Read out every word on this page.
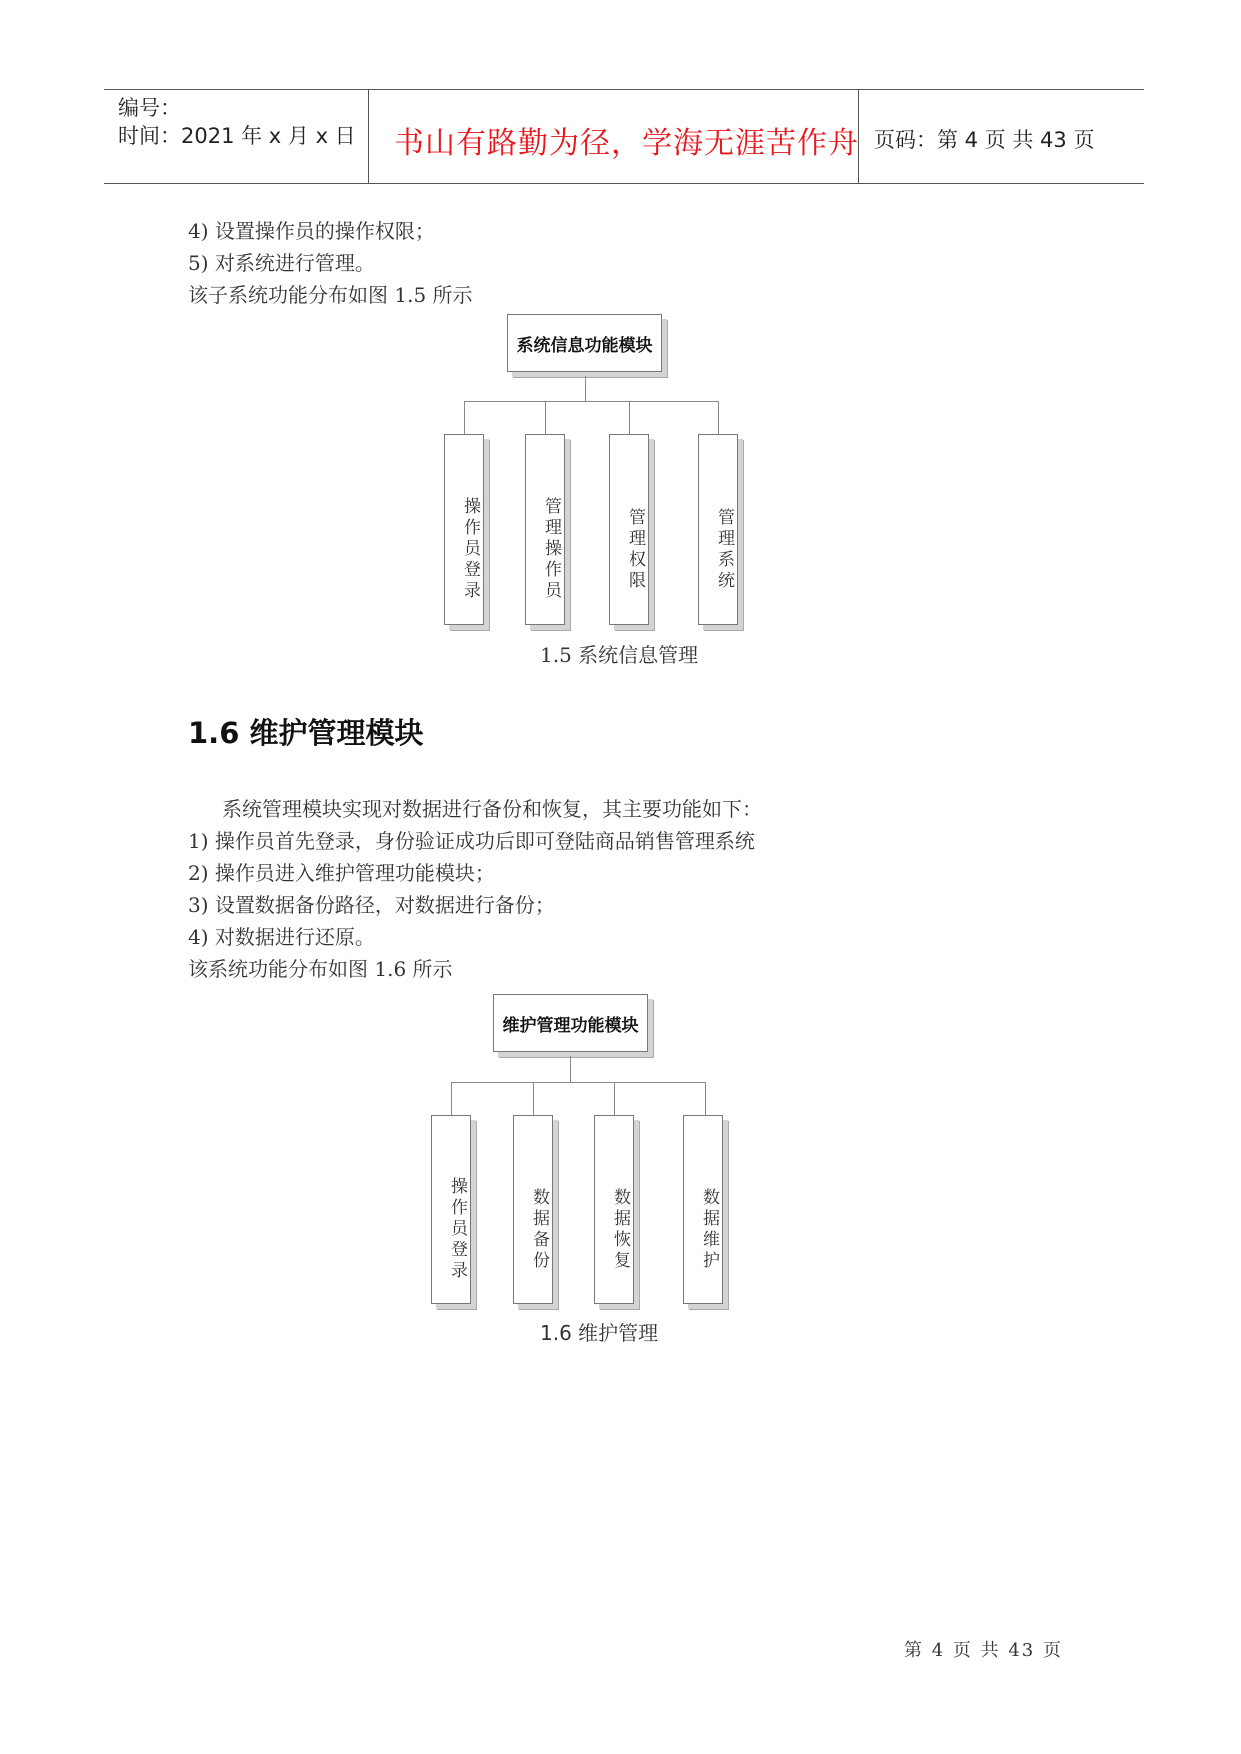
编号：
时间：2021 年 x 月 x 日 书山有路勤为径，学海无涯苦作舟 页码：第 4 页 共 43 页
4) 设置操作员的操作权限；
5) 对系统进行管理。
该子系统功能分布如图 1.5 所示
系统信息功能模块
操作员登录	管理操作员	管理权限	管理系统
1.5 系统信息管理
1.6 维护管理模块
系统管理模块实现对数据进行备份和恢复，其主要功能如下：
1) 操作员首先登录，身份验证成功后即可登陆商品销售管理系统
2) 操作员进入维护管理功能模块；
3) 设置数据备份路径，对数据进行备份；
4) 对数据进行还原。
该系统功能分布如图 1.6 所示
维护管理功能模块
操作员登录	数据备份	数据恢复	数据维护
1.6 维护管理
第 4 页 共 43 页
